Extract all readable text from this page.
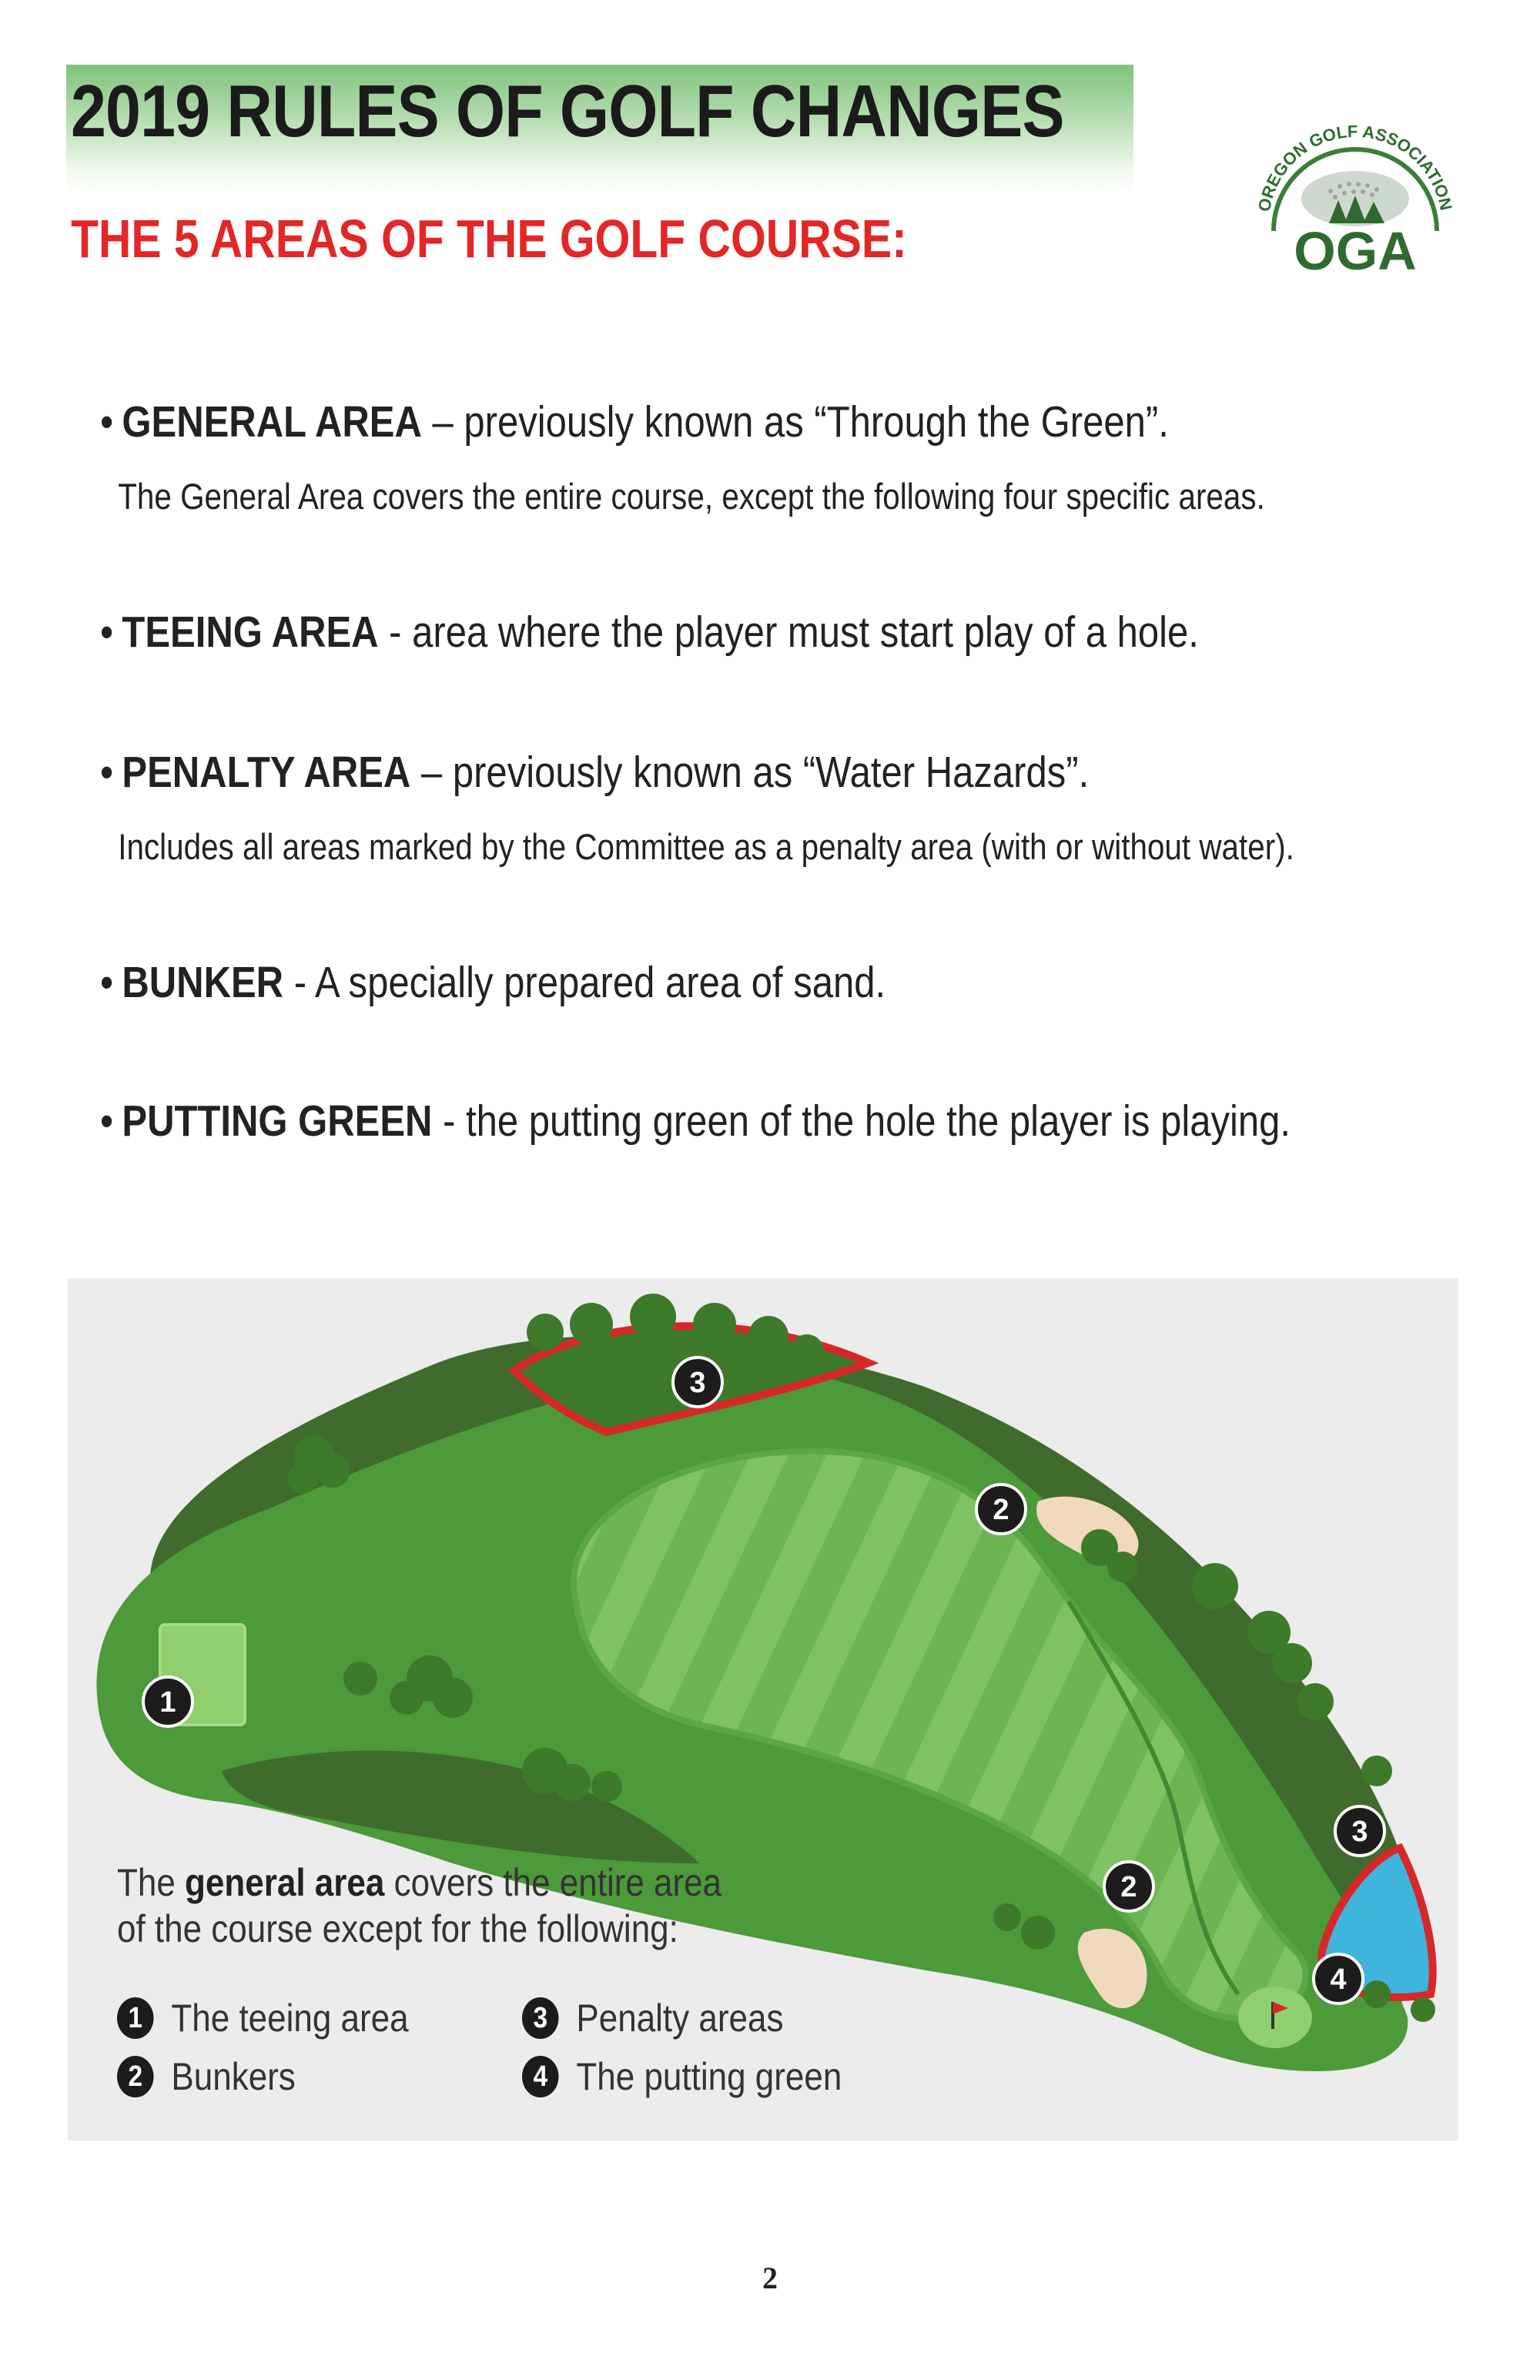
2019 RULES OF GOLF CHANGES
THE 5 AREAS OF THE GOLF COURSE:
OREGON GOLF ASSOCIATION
OGA
• GENERAL AREA – previously known as “Through the Green”.
The General Area covers the entire course, except the following four specific areas.
• TEEING AREA - area where the player must start play of a hole.
• PENALTY AREA – previously known as “Water Hazards”.
Includes all areas marked by the Committee as a penalty area (with or without water).
• BUNKER - A specially prepared area of sand.
• PUTTING GREEN - the putting green of the hole the player is playing.
1
2
2
3
3
4
The general area covers the entire area
of the course except for the following:
1 The teeing area
2 Bunkers
3 Penalty areas
4 The putting green
2
